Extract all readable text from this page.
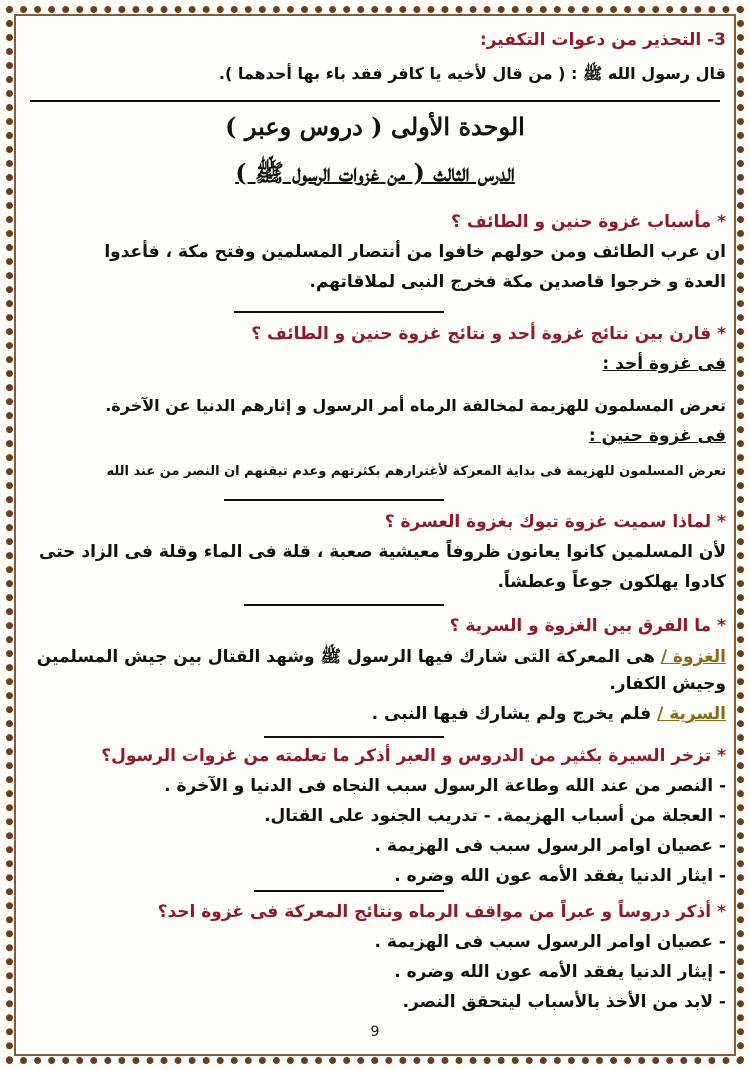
3- التحذير من دعوات التكفير:
قال رسول الله ﷺ : ( من قال لأخيه يا كافر فقد باء بها أحدهما ).
الوحدة الأولى ( دروس وعبر )
الدرس الثالث ( من غزوات الرسول ﷺ )
*مأسباب غزوة حنين و الطائف ؟
ان عرب الطائف ومن حولهم خافوا من أنتصار المسلمين وفتح مكة ، فأعدوا
العدة و خرجوا قاصدين مكة فخرج النبى لملاقاتهم.
*قارن بين نتائج غزوة أحد و نتائج غزوة حنين و الطائف ؟
فى غزوة أحد :
تعرض المسلمون للهزيمة لمخالفة الرماه أمر الرسول و إثارهم الدنيا عن الآخرة.
فى غزوة حنين :
تعرض المسلمون للهزيمة فى بداية المعركة لأغترارهم بكثرتهم وعدم تيقنهم ان النصر من عند الله
*لماذا سميت غزوة تبوك بغزوة العسرة ؟
لأن المسلمين كانوا يعانون ظروفاً معيشية صعبة ، قلة فى الماء وقلة فى الزاد حتى
كادوا يهلكون جوعاً وعطشاً.
*ما الفرق بين الغزوة و السرية ؟
الغزوة / هى المعركة التى شارك فيها الرسول ﷺ وشهد القتال بين جيش المسلمين
وجيش الكفار.
السرية / فلم يخرج ولم يشارك فيها النبى .
*تزخر السيرة بكثير من الدروس و العبر أذكر ما تعلمته من غزوات الرسول؟
- النصر من عند الله وطاعة الرسول سبب النجاه فى الدنيا و الآخرة .
- العجلة من أسباب الهزيمة. - تدريب الجنود على القتال.
- عصيان اوامر الرسول سبب فى الهزيمة .
- ايثار الدنيا يفقد الأمه عون الله وضره .
*أذكر دروساً و عبراً من مواقف الرماه ونتائج المعركة فى غزوة احد؟
- عصيان اوامر الرسول سبب فى الهزيمة .
- إيثار الدنيا يفقد الأمه عون الله وضره .
- لابد من الأخذ بالأسباب ليتحقق النصر.
9
